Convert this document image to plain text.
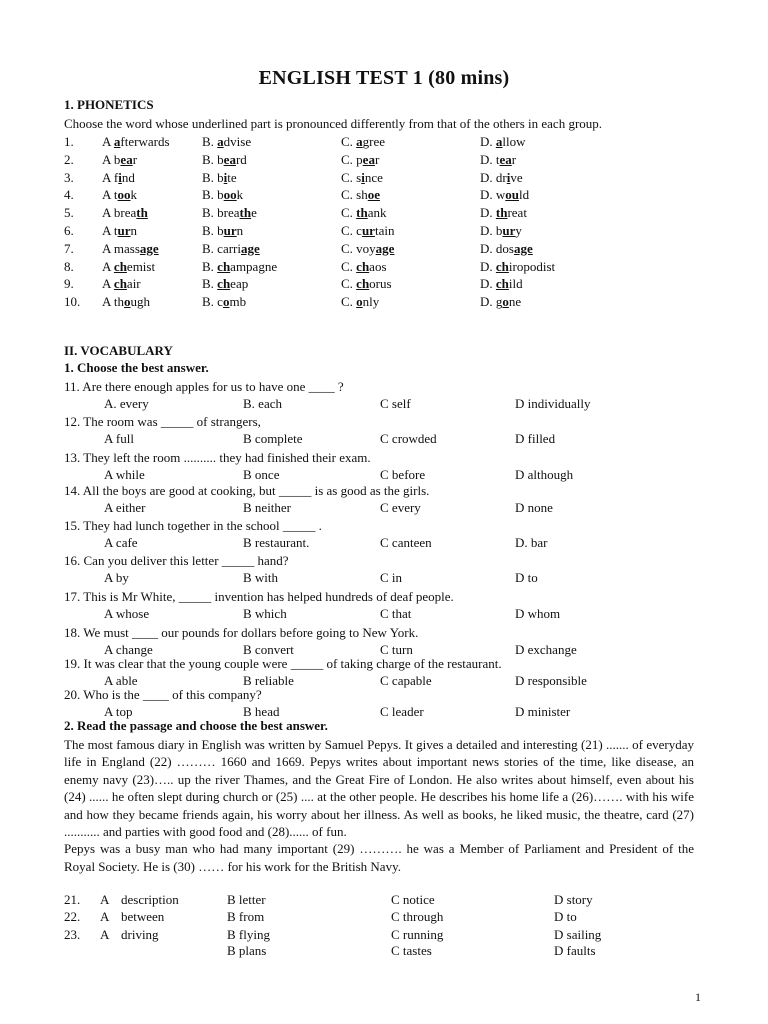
ENGLISH TEST 1 (80 mins)
1. PHONETICS
Choose the word whose underlined part is pronounced differently from that of the others in each group.
1. A afterwards B. advise	C. agree	D. allow
2. A bear	B. beard	C. pear	D. tear
3. A find	B. bite	C. since	D. drive
4. A took	B. book	C. shoe	D. would
5. A breath	B. breathe	C. thank	D. threat
6. A turn	B. burn	C. curtain	D. bury
7. A massage	B. carriage	C. voyage	D. dosage
8. A chemist	B. champagne	C. chaos	D. chiropodist
9. A chair	B. cheap	C. chorus	D. child
10. A though	B. comb	C. only	D. gone
II. VOCABULARY
1. Choose the best answer.
11. Are there enough apples for us to have one ____ ?
A. every	B. each	C self	D individually
12. The room was _____ of strangers,
A full	B complete	C crowded	D filled
13. They left the room .......... they had finished their exam.
A while	B once	C before	D although
14. All the boys are good at cooking, but _____ is as good as the girls.
A either	B neither	C every	D none
15. They had lunch together in the school _____ .
A cafe	B restaurant.	C canteen	D. bar
16. Can you deliver this letter _____ hand?
A by	B with	C in	D to
17. This is Mr White, _____ invention has helped hundreds of deaf people.
A whose	B which	C that	D whom
18. We must ____ our pounds for dollars before going to New York.
A change	B convert	C turn	D exchange
19. It was clear that the young couple were _____ of taking charge of the restaurant.
A able	B reliable	C capable	D responsible
20. Who is the ____ of this company?
A top	B head	C leader	D minister
2. Read the passage and choose the best answer.

The most famous diary in English was written by Samuel Pepys. It gives a detailed and interesting (21) ....... of everyday life in England (22) ……… 1660 and 1669. Pepys writes about important news stories of the time, like disease, an enemy navy (23)….. up the river Thames, and the Great Fire of London. He also writes about himself, even about his (24) ...... he often slept during church or (25) .... at the other people. He describes his home life a (26)……. with his wife and how they became friends again, his worry about her illness. As well as books, he liked music, the theatre, card (27) ........... and parties with good food and (28)...... of fun.

Pepys was a busy man who had many important (29) ………. he was a Member of Parliament and President of the Royal Society. He is (30) …… for his work for the British Navy.

21. A description	B letter	C notice	D story
22. A between	B from	C through	D to
23. A driving	B flying	C running	D sailing
B plans	C tastes	D faults
1
